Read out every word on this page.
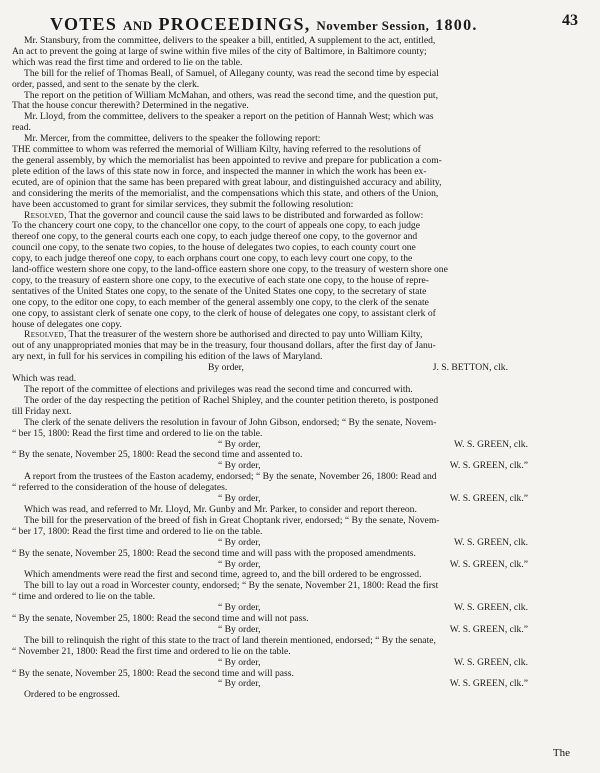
VOTES AND PROCEEDINGS, November Session, 1800.	43
Mr. Stansbury, from the committee, delivers to the speaker a bill, entitled, A supplement to the act, entitled,
An act to prevent the going at large of swine within five miles of the city of Baltimore, in Baltimore county;
which was read the first time and ordered to lie on the table.
The bill for the relief of Thomas Beall, of Samuel, of Allegany county, was read the second time by especial
order, passed, and sent to the senate by the clerk.
The report on the petition of William McMahan, and others, was read the second time, and the question put,
That the house concur therewith? Determined in the negative.
Mr. Lloyd, from the committee, delivers to the speaker a report on the petition of Hannah West; which was
read.
Mr. Mercer, from the committee, delivers to the speaker the following report:
THE committee to whom was referred the memorial of William Kilty, having referred to the resolutions of
the general assembly, by which the memorialist has been appointed to revive and prepare for publication a com-
plete edition of the laws of this state now in force, and inspected the manner in which the work has been ex-
ecuted, are of opinion that the same has been prepared with great labour, and distinguished accuracy and ability,
and considering the merits of the memorialist, and the compensations which this state, and others of the Union,
have been accustomed to grant for similar services, they submit the following resolution:
Resolved, That the governor and council cause the said laws to be distributed and forwarded as follow:
To the chancery court one copy, to the chancellor one copy, to the court of appeals one copy, to each judge
thereof one copy, to the general courts each one copy, to each judge thereof one copy, to the governor and
council one copy, to the senate two copies, to the house of delegates two copies, to each county court one
copy, to each judge thereof one copy, to each orphans court one copy, to each levy court one copy, to the
land-office western shore one copy, to the land-office eastern shore one copy, to the treasury of western shore one
copy, to the treasury of eastern shore one copy, to the executive of each state one copy, to the house of repre-
sentatives of the United States one copy, to the senate of the United States one copy, to the secretary of state
one copy, to the editor one copy, to each member of the general assembly one copy, to the clerk of the senate
one copy, to assistant clerk of senate one copy, to the clerk of house of delegates one copy, to assistant clerk of
house of delegates one copy.
Resolved, That the treasurer of the western shore be authorised and directed to pay unto William Kilty,
out of any unappropriated monies that may be in the treasury, four thousand dollars, after the first day of Janu-
ary next, in full for his services in compiling his edition of the laws of Maryland.
By order,	J. S. BETTON, clk.
Which was read.
The report of the committee of elections and privileges was read the second time and concurred with.
The order of the day respecting the petition of Rachel Shipley, and the counter petition thereto, is postponed
till Friday next.
The clerk of the senate delivers the resolution in favour of John Gibson, endorsed; “ By the senate, Novem-
“ ber 15, 1800: Read the first time and ordered to lie on the table.
“ By order,	W. S. GREEN, clk.
“ By the senate, November 25, 1800: Read the second time and assented to.
“ By order,	W. S. GREEN, clk.”
A report from the trustees of the Easton academy, endorsed; “ By the senate, November 26, 1800: Read and
“ referred to the consideration of the house of delegates.
“ By order,	W. S. GREEN, clk.”
Which was read, and referred to Mr. Lloyd, Mr. Gunby and Mr. Parker, to consider and report thereon.
The bill for the preservation of the breed of fish in Great Choptank river, endorsed; “ By the senate, Novem-
“ ber 17, 1800: Read the first time and ordered to lie on the table.
“ By order,	W. S. GREEN, clk.
“ By the senate, November 25, 1800: Read the second time and will pass with the proposed amendments.
“ By order,	W. S. GREEN, clk.”
Which amendments were read the first and second time, agreed to, and the bill ordered to be engrossed.
The bill to lay out a road in Worcester county, endorsed; “ By the senate, November 21, 1800: Read the first
“ time and ordered to lie on the table.
“ By order,	W. S. GREEN, clk.
“ By the senate, November 25, 1800: Read the second time and will not pass.
“ By order,	W. S. GREEN, clk.”
The bill to relinquish the right of this state to the tract of land therein mentioned, endorsed; “ By the senate,
“ November 21, 1800: Read the first time and ordered to lie on the table.
“ By order,	W. S. GREEN, clk.
“ By the senate, November 25, 1800: Read the second time and will pass.
“ By order,	W. S. GREEN, clk.”
Ordered to be engrossed.
The
